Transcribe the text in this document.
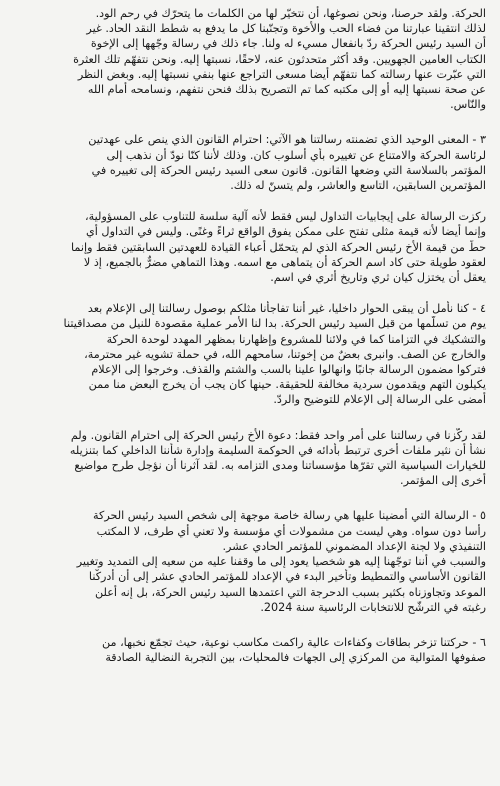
الحركة. ولقد حرصنا، ونحن نصوغها، أن نتخيّر لها من الكلمات ما يتحرّك في رحم الود.
لذلك انتقينا عبارتنا من فضاء الحب والأخوة وتجنّبنا كل ما يدفع به شطط النقد الحاد. غير
أن السيد رئيس الحركة ردّ بانفعال مسيء له ولنا. جاء ذلك في رسالة وجّهها إلى الإخوة
الكتاب العامين الجهويين. وقد أكثر متحدثون عنه، لاحقًا، نسبتها إليه. ونحن نتفهّم تلك العثرة
التي عبّرت عنها رسالته كما نتفهّم أيضا مسعى التراجع عنها بنفي نسبتها إليه. وبغض النظر
عن صحة نسبتها إليه أو إلى مكتبه كما تم التصريح بذلك فنحن نتفهم، ونسامحه أمام الله
والنّاس.

٣ - المعنى الوحيد الذي تضمنته رسالتنا هو الآتي: احترام القانون الذي ينص على عهدتين
لرئاسة الحركة والامتناع عن تغييره بأي أسلوب كان. وذلك لأننا كنّا نودّ أن نذهب إلى
المؤتمر بالسلاسة التي وضعها القانون. قانون سعى السيد رئيس الحركة إلى تغييره في
المؤتمرين السابقين، التاسع والعاشر، ولم يتسنّ له ذلك.

ركزت الرسالة على إيجابيات التداول ليس فقط لأنه آلية سلسة للتناوب على المسؤولية،
وإنما أيضا لأنه قيمة مثلى تفتح على ممكن يفوق الواقع ثراءً وغنًى. وليس في التداول أي
حطٍّ من قيمة الأخ رئيس الحركة الذي لم يتحمّل أعباء القيادة للعهدتين السابقتين فقط وإنما
لعقود طويلة حتى كاد اسم الحركة أن يتماهى مع اسمه. وهذا التماهي مضرٌّ بالجميع، إذ لا
يعقل أن يختزل كيان ثري وتاريخ أثري في اسم.

٤ - كنا نأمل أن يبقى الحوار داخليا، غير أننا تفاجأنا مثلكم بوصول رسالتنا إلى الإعلام بعد
يوم من تسلّمها من قبل السيد رئيس الحركة. بدا لنا الأمر عملية مقصودة للنيل من مصداقيتنا
والتشكيك في التزامنا كما في ولائنا للمشروع وإظهارنا بمظهر المهدد لوحدة الحركة
والخارج عن الصف. وانبرى بعضٌ من إخوتنا، سامحهم الله، في حملة تشويه غير محترمة،
فتركوا مضمون الرسالة جانبًا وانهالوا علينا بالسب والشتم والقذف. وخرجوا إلى الإعلام
يكيلون التهم ويقدمون سردية مخالفة للحقيقة. حينها كان يجب أن يخرج البعض منا ممن
أمضى على الرسالة إلى الإعلام للتوضيح والردّ.

لقد ركّزنا في رسالتنا على أمر واحد فقط: دعوة الأخ رئيس الحركة إلى احترام القانون. ولم
نشأ أن نثير ملفات أخرى ترتبط بأدائه في الحوكمة السليمة وإدارة شأننا الداخلي كما بتنزيله
للخيارات السياسية التي تقرّها مؤسساتنا ومدى التزامه به. لقد آثرنا أن نؤجل طرح مواضيع
أخرى إلى المؤتمر.

٥ - الرسالة التي أمضينا عليها هي رسالة خاصة موجهة إلى شخص السيد رئيس الحركة
رأسا دون سواه. وهي ليست من مشمولات أي مؤسسة ولا تعني أي طرف، لا المكتب
التنفيذي ولا لجنة الإعداد المضموني للمؤتمر الحادي عشر.
والسبب في أننا توجّهنا إليه هو شخصيا يعود إلى ما وقفنا عليه من سعيه إلى التمديد وتغيير
القانون الأساسي والتمطيط وتأخير البدء في الإعداد للمؤتمر الحادي عشر إلى أن أدركْنا
الموعد وتجاوزناه بكثير بسبب الدحرجة التي اعتمدها السيد رئيس الحركة، بل إنه أعلن
رغبته في الترشّح للانتخابات الرئاسية سنة 2024.

٦ - حركتنا تزخر بطاقات وكفاءات عالية راكمت مكاسب نوعية، حيث تجمّع نخبها، من
صفوفها المتوالية من المركزي إلى الجهات فالمحليات، بين التجربة النضالية الصادقة
